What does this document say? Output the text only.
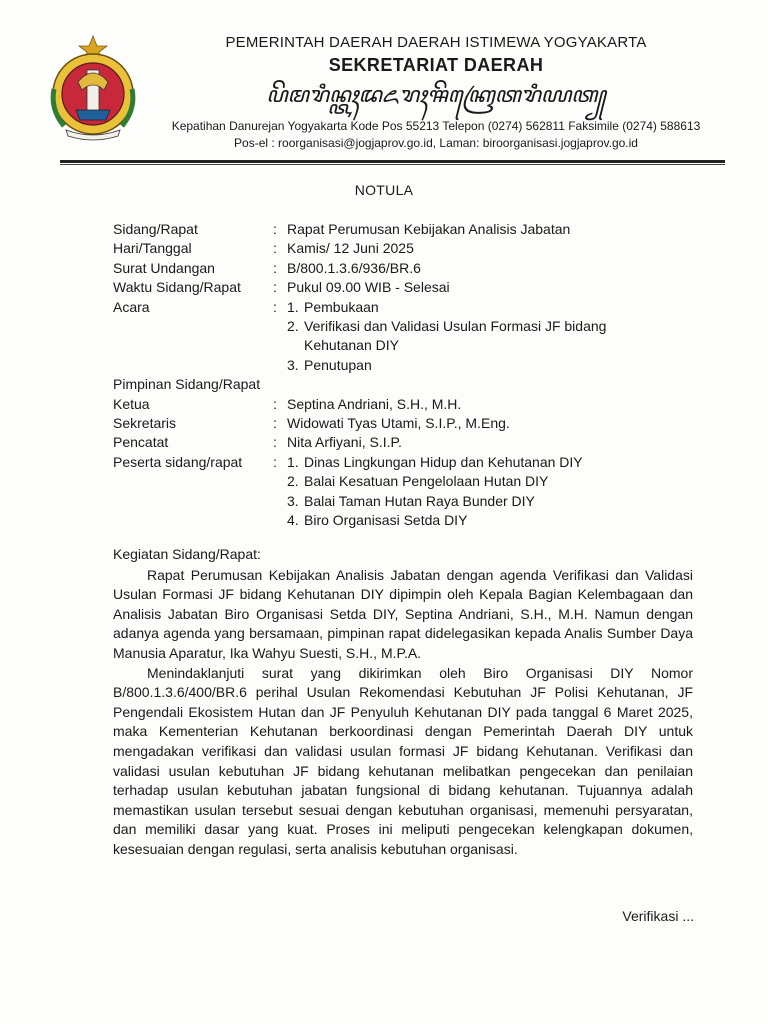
PEMERINTAH DAERAH DAERAH ISTIMEWA YOGYAKARTA
SEKRETARIAT DAERAH
ꦥꦼꦩꦫꦶꦤ꧀ꦠꦃꦢꦌꦫꦃꦯꦼꦏꦿꦺꦠꦫꦶꦪꦠ꧀
Kepatihan Danurejan Yogyakarta Kode Pos 55213 Telepon (0274) 562811 Faksimile (0274) 588613
Pos-el : roorganisasi@jogjaprov.go.id, Laman: biroorganisasi.jogjaprov.go.id
NOTULA
Sidang/Rapat	: Rapat Perumusan Kebijakan Analisis Jabatan
Hari/Tanggal	: Kamis/ 12 Juni 2025
Surat Undangan	: B/800.1.3.6/936/BR.6
Waktu Sidang/Rapat	: Pukul 09.00 WIB - Selesai
Acara	: 1. Pembukaan
2. Verifikasi dan Validasi Usulan Formasi JF bidang Kehutanan DIY
3. Penutupan
Pimpinan Sidang/Rapat
Ketua	: Septina Andriani, S.H., M.H.
Sekretaris	: Widowati Tyas Utami, S.I.P., M.Eng.
Pencatat	: Nita Arfiyani, S.I.P.
Peserta sidang/rapat	: 1. Dinas Lingkungan Hidup dan Kehutanan DIY
2. Balai Kesatuan Pengelolaan Hutan DIY
3. Balai Taman Hutan Raya Bunder DIY
4. Biro Organisasi Setda DIY
Kegiatan Sidang/Rapat:

Rapat Perumusan Kebijakan Analisis Jabatan dengan agenda Verifikasi dan Validasi Usulan Formasi JF bidang Kehutanan DIY dipimpin oleh Kepala Bagian Kelembagaan dan Analisis Jabatan Biro Organisasi Setda DIY, Septina Andriani, S.H., M.H. Namun dengan adanya agenda yang bersamaan, pimpinan rapat didelegasikan kepada Analis Sumber Daya Manusia Aparatur, Ika Wahyu Suesti, S.H., M.P.A.

Menindaklanjuti surat yang dikirimkan oleh Biro Organisasi DIY Nomor B/800.1.3.6/400/BR.6 perihal Usulan Rekomendasi Kebutuhan JF Polisi Kehutanan, JF Pengendali Ekosistem Hutan dan JF Penyuluh Kehutanan DIY pada tanggal 6 Maret 2025, maka Kementerian Kehutanan berkoordinasi dengan Pemerintah Daerah DIY untuk mengadakan verifikasi dan validasi usulan formasi JF bidang Kehutanan. Verifikasi dan validasi usulan kebutuhan JF bidang kehutanan melibatkan pengecekan dan penilaian terhadap usulan kebutuhan jabatan fungsional di bidang kehutanan. Tujuannya adalah memastikan usulan tersebut sesuai dengan kebutuhan organisasi, memenuhi persyaratan, dan memiliki dasar yang kuat. Proses ini meliputi pengecekan kelengkapan dokumen, kesesuaian dengan regulasi, serta analisis kebutuhan organisasi.

Verifikasi ...
